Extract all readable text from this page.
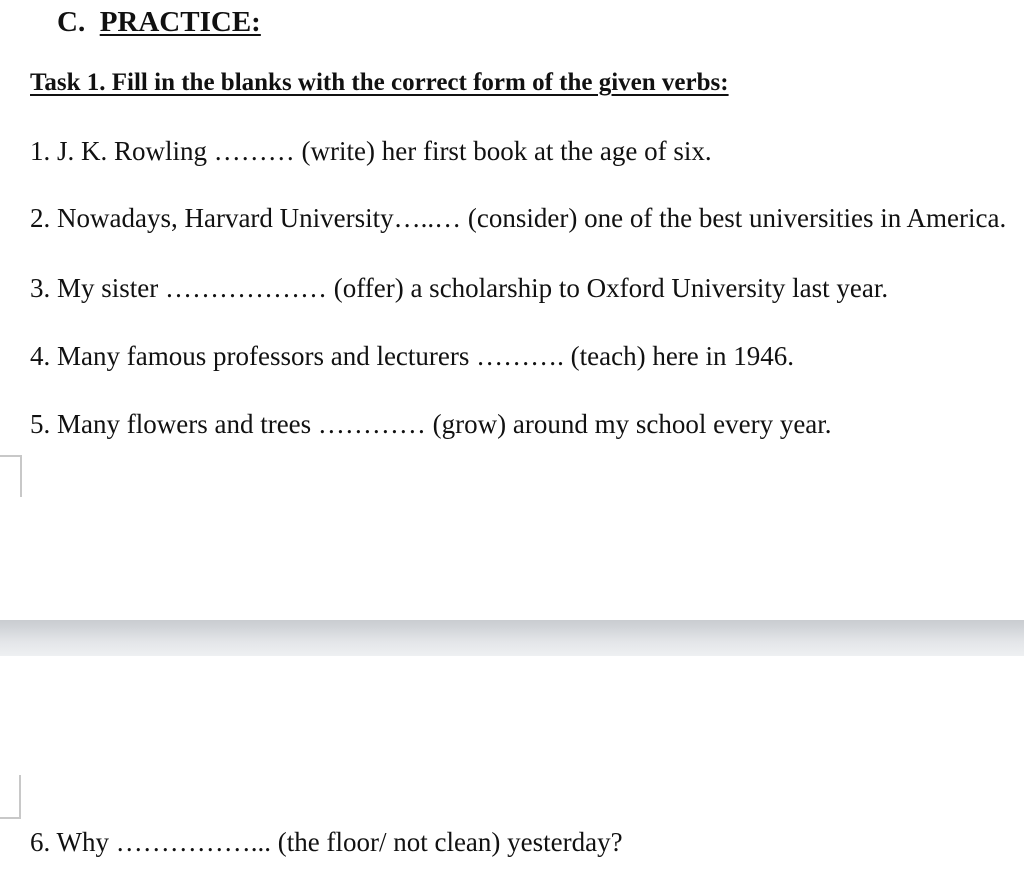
C. PRACTICE:
Task 1. Fill in the blanks with the correct form of the given verbs:
1. J. K. Rowling ……… (write) her first book at the age of six.
2. Nowadays, Harvard University…..… (consider) one of the best universities in America.
3. My sister ……………… (offer) a scholarship to Oxford University last year.
4. Many famous professors and lecturers ………. (teach) here in 1946.
5. Many flowers and trees ………… (grow) around my school every year.
6. Why ……………... (the floor/ not clean) yesterday?
